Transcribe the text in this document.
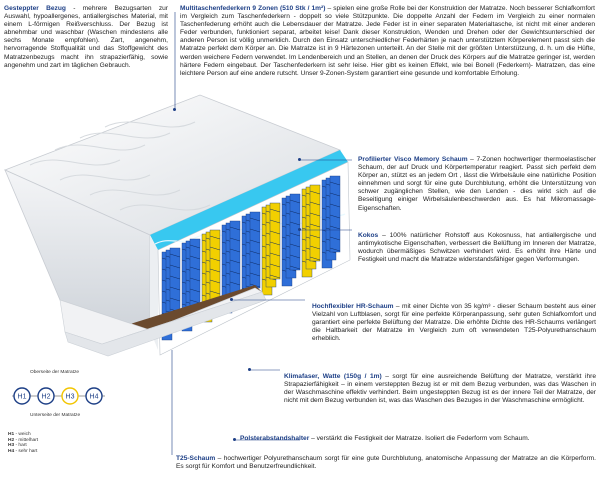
H1 H2 H3 H4

Gesteppter Bezug - mehrere Bezugsarten zur Auswahl, hypoallergenes, antiallergisches Material, mit einem L-förmigen Reißverschluss. Der Bezug ist abnehmbar und waschbar (Waschen mindestens alle sechs Monate empfohlen). Zart, angenehm, hervorragende Stoffqualität und das Stoffgewicht des Matratzenbezugs macht ihn strapazierfähig, sowie angenehm und zart im täglichen Gebrauch.

Multitaschenfederkern 9 Zonen (510 Stk / 1m²) – spielen eine große Rolle bei der Konstruktion der Matratze. Noch besserer Schlafkomfort im Vergleich zum Taschenfederkern - doppelt so viele Stützpunkte. Die doppelte Anzahl der Federn im Vergleich zu einer normalen Taschenfederung erhöht auch die Lebensdauer der Matratze. Jede Feder ist in einer separaten Materialtasche, ist nicht mit einer anderen Feder verbunden, funktioniert separat, arbeitet leise! Dank dieser Konstruktion, Wenden und Drehen oder der Gewichtsunterschied der anderen Person ist völlig unmerklich. Durch den Einsatz unterschiedlicher Federhärten je nach unterstütztem Körperelement passt sich die Matratze perfekt dem Körper an. Die Matratze ist in 9 Härtezonen unterteilt. An der Stelle mit der größten Unterstützung, d. h. um die Hüfte, werden weichere Federn verwendet. Im Lendenbereich und an Stellen, an denen der Druck des Körpers auf die Matratze geringer ist, werden härtere Federn eingebaut. Der Taschenfederkern ist sehr leise. Hier gibt es keinen Effekt, wie bei Bonell (Federkern)- Matratzen, das eine leichtere Person auf eine andere rutscht. Unser 9-Zonen-System garantiert eine gesunde und komfortable Erholung.

Profilierter Visco Memory Schaum – 7-Zonen hochwertiger thermoelastischer Schaum, der auf Druck und Körpertemperatur reagiert. Passt sich perfekt dem Körper an, stützt es an jedem Ort , lässt die Wirbelsäule eine natürliche Position einnehmen und sorgt für eine gute Durchblutung, erhöht die Unterstützung von schwer zugänglichen Stellen, wie den Lenden - dies wirkt sich auf die Beseitigung einiger Wirbelsäulenbeschwerden aus. Es hat Mikromassage-Eigenschaften.

Kokos – 100% natürlicher Rohstoff aus Kokosnuss, hat antiallergische und antimykotische Eigenschaften, verbessert die Belüftung im Inneren der Matratze, wodurch übermäßiges Schwitzen verhindert wird. Es erhöht ihre Härte und Festigkeit und macht die Matratze widerstandsfähiger gegen Verformungen.

Hochflexibler HR-Schaum – mit einer Dichte von 35 kg/m³ - dieser Schaum besteht aus einer Vielzahl von Luftblasen, sorgt für eine perfekte Körperanpassung, sehr guten Schlafkomfort und garantiert eine perfekte Belüftung der Matratze. Die erhöhte Dichte des HR-Schaums verlängert die Haltbarkeit der Matratze im Vergleich zum oft verwendeten T25-Polyurethanschaum erheblich.

Klimafaser, Watte (150g / 1m) – sorgt für eine ausreichende Belüftung der Matratze, verstärkt ihre Strapazierfähigkeit – in einem versteppten Bezug ist er mit dem Bezug verbunden, was das Waschen in der Waschmaschine effektiv verhindert. Beim ungesteppten Bezug ist es der innere Teil der Matratze, der nicht mit dem Bezug verbunden ist, was das Waschen des Bezuges in der Waschmaschine ermöglicht.

Polsterabstandshalter – verstärkt die Festigkeit der Matratze. Isoliert die Federform vom Schaum.

T25-Schaum – hochwertiger Polyurethanschaum sorgt für eine gute Durchblutung, anatomische Anpassung der Matratze an die Körperform. Es sorgt für Komfort und Benutzerfreundlichkeit.

Oberseite der Matratze
Unterseite der Matratze
H1 - weich
H2 - mittelhart
H3 - hart
H4 - sehr hart
